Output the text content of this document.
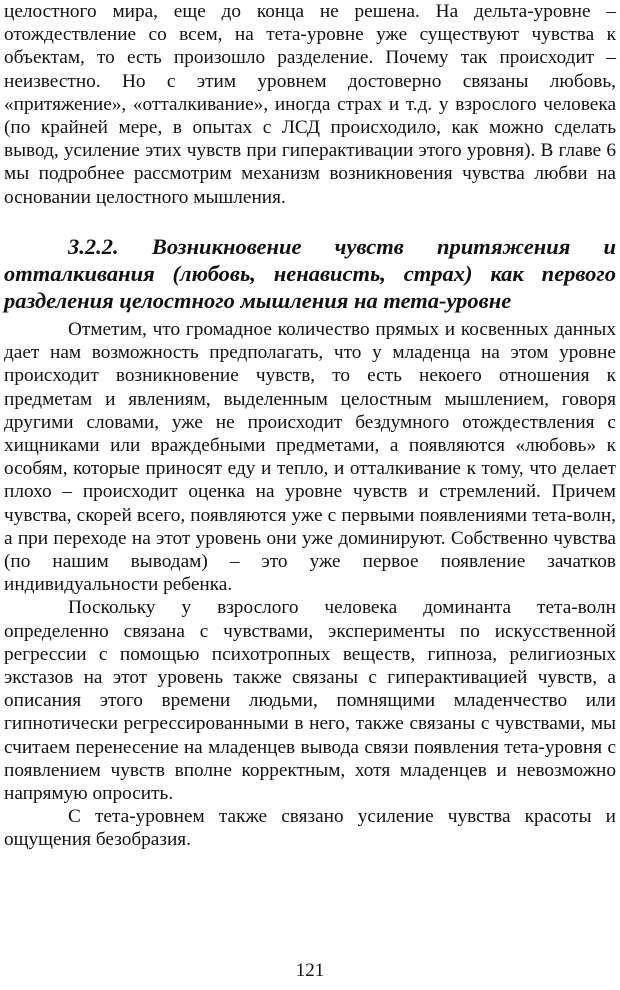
целостного мира, еще до конца не решена. На дельта-уровне – отождествление со всем, на тета-уровне уже существуют чувства к объектам, то есть произошло разделение. Почему так происходит – неизвестно. Но с этим уровнем достоверно связаны любовь, «притяжение», «отталкивание», иногда страх и т.д. у взрослого человека (по крайней мере, в опытах с ЛСД происходило, как можно сделать вывод, усиление этих чувств при гиперактивации этого уровня). В главе 6 мы подробнее рассмотрим механизм возникновения чувства любви на основании целостного мышления.

3.2.2. Возникновение чувств притяжения и отталкивания (любовь, ненависть, страх) как первого разделения целостного мышления на тета-уровне

Отметим, что громадное количество прямых и косвенных данных дает нам возможность предполагать, что у младенца на этом уровне происходит возникновение чувств, то есть некоего отношения к предметам и явлениям, выделенным целостным мышлением, говоря другими словами, уже не происходит бездумного отождествления с хищниками или враждебными предметами, а появляются «любовь» к особям, которые приносят еду и тепло, и отталкивание к тому, что делает плохо – происходит оценка на уровне чувств и стремлений. Причем чувства, скорей всего, появляются уже с первыми появлениями тета-волн, а при переходе на этот уровень они уже доминируют. Собственно чувства (по нашим выводам) – это уже первое появление зачатков индивидуальности ребенка.

Поскольку у взрослого человека доминанта тета-волн определенно связана с чувствами, эксперименты по искусственной регрессии с помощью психотропных веществ, гипноза, религиозных экстазов на этот уровень также связаны с гиперактивацией чувств, а описания этого времени людьми, помнящими младенчество или гипнотически регрессированными в него, также связаны с чувствами, мы считаем перенесение на младенцев вывода связи появления тета-уровня с появлением чувств вполне корректным, хотя младенцев и невозможно напрямую опросить.

С тета-уровнем также связано усиление чувства красоты и ощущения безобразия.

121
